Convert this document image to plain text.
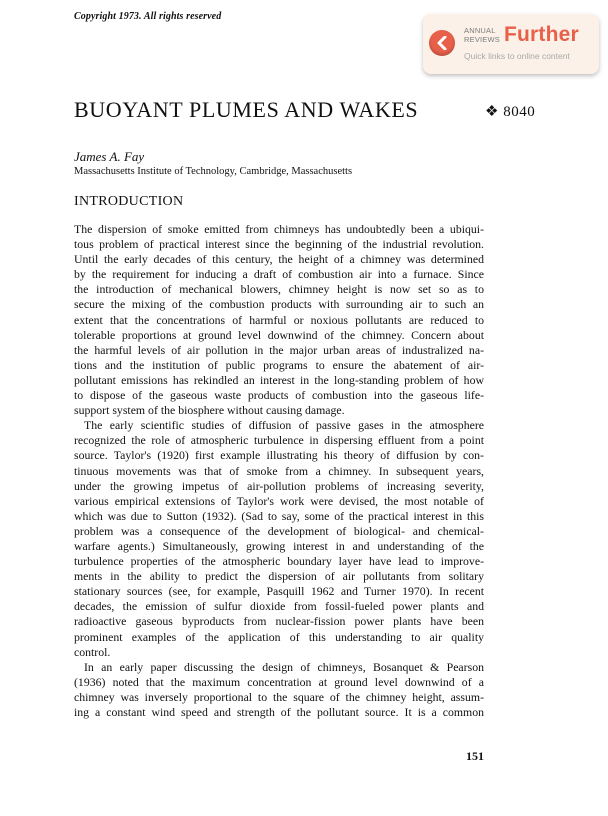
Copyright 1973. All rights reserved
ANNUAL
REVIEWS Further
Quick links to online content
BUOYANT PLUMES AND WAKES	❖ 8040
James A. Fay
Massachusetts Institute of Technology, Cambridge, Massachusetts
INTRODUCTION
The dispersion of smoke emitted from chimneys has undoubtedly been a ubiqui-
tous problem of practical interest since the beginning of the industrial revolution.
Until the early decades of this century, the height of a chimney was determined
by the requirement for inducing a draft of combustion air into a furnace. Since
the introduction of mechanical blowers, chimney height is now set so as to
secure the mixing of the combustion products with surrounding air to such an
extent that the concentrations of harmful or noxious pollutants are reduced to
tolerable proportions at ground level downwind of the chimney. Concern about
the harmful levels of air pollution in the major urban areas of industralized na-
tions and the institution of public programs to ensure the abatement of air-
pollutant emissions has rekindled an interest in the long-standing problem of how
to dispose of the gaseous waste products of combustion into the gaseous life-
support system of the biosphere without causing damage.
The early scientific studies of diffusion of passive gases in the atmosphere
recognized the role of atmospheric turbulence in dispersing effluent from a point
source. Taylor's (1920) first example illustrating his theory of diffusion by con-
tinuous movements was that of smoke from a chimney. In subsequent years,
under the growing impetus of air-pollution problems of increasing severity,
various empirical extensions of Taylor's work were devised, the most notable of
which was due to Sutton (1932). (Sad to say, some of the practical interest in this
problem was a consequence of the development of biological- and chemical-
warfare agents.) Simultaneously, growing interest in and understanding of the
turbulence properties of the atmospheric boundary layer have lead to improve-
ments in the ability to predict the dispersion of air pollutants from solitary
stationary sources (see, for example, Pasquill 1962 and Turner 1970). In recent
decades, the emission of sulfur dioxide from fossil-fueled power plants and
radioactive gaseous byproducts from nuclear-fission power plants have been
prominent examples of the application of this understanding to air quality
control.
In an early paper discussing the design of chimneys, Bosanquet & Pearson
(1936) noted that the maximum concentration at ground level downwind of a
chimney was inversely proportional to the square of the chimney height, assum-
ing a constant wind speed and strength of the pollutant source. It is a common
151
